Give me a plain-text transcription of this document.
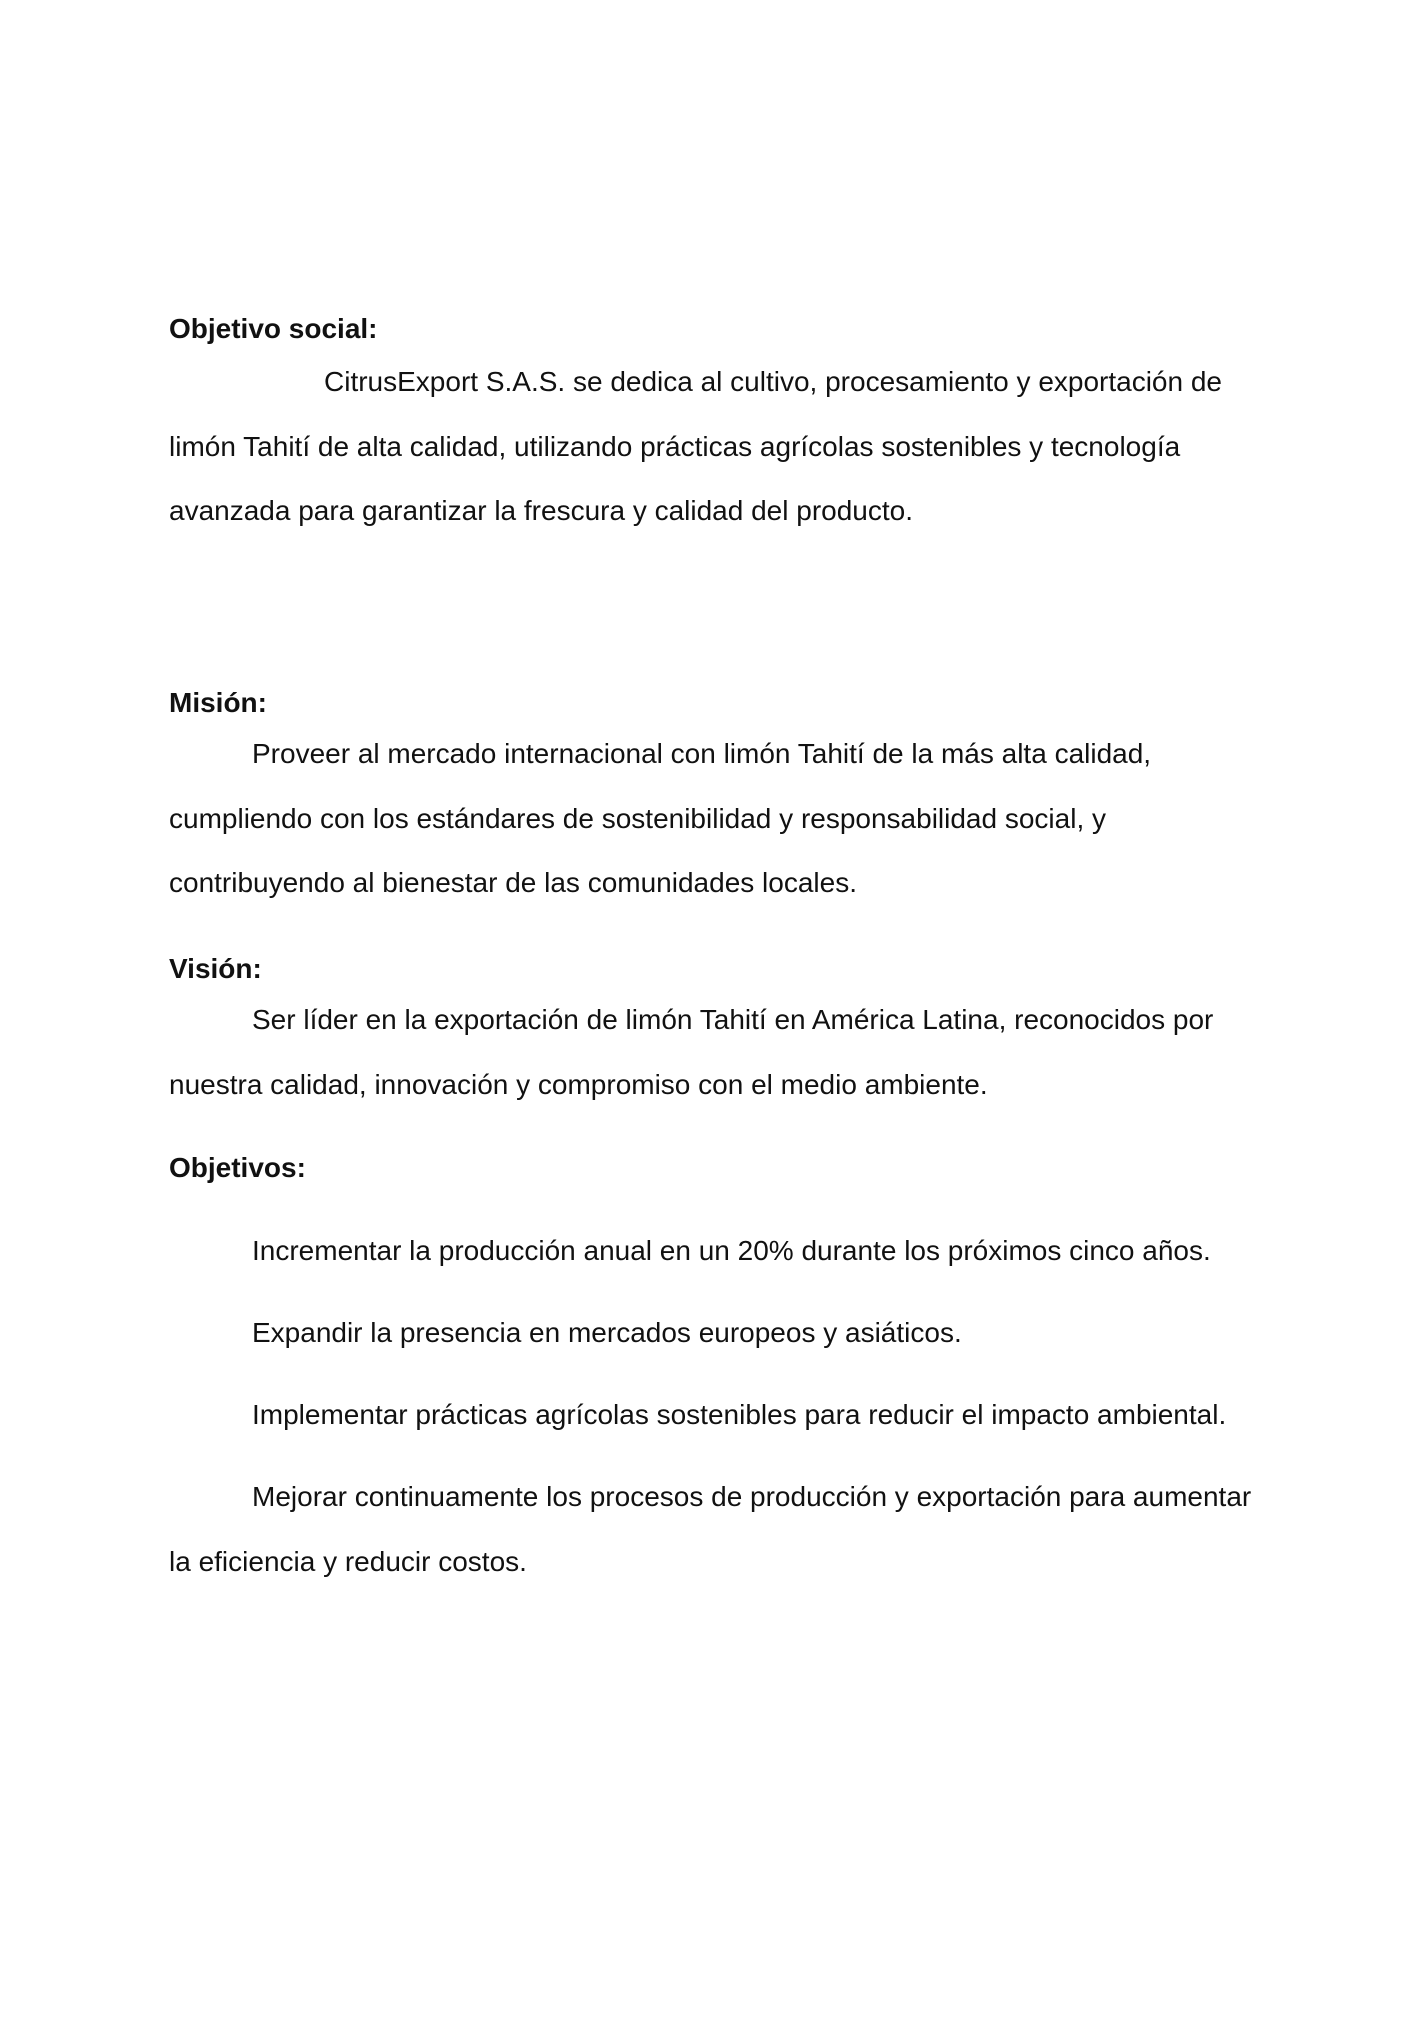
Objetivo social:
CitrusExport S.A.S. se dedica al cultivo, procesamiento y exportación de
limón Tahití de alta calidad, utilizando prácticas agrícolas sostenibles y tecnología
avanzada para garantizar la frescura y calidad del producto.
Misión:
Proveer al mercado internacional con limón Tahití de la más alta calidad,
cumpliendo con los estándares de sostenibilidad y responsabilidad social, y
contribuyendo al bienestar de las comunidades locales.
Visión:
Ser líder en la exportación de limón Tahití en América Latina, reconocidos por
nuestra calidad, innovación y compromiso con el medio ambiente.
Objetivos:

Incrementar la producción anual en un 20% durante los próximos cinco años.

Expandir la presencia en mercados europeos y asiáticos.

Implementar prácticas agrícolas sostenibles para reducir el impacto ambiental.

Mejorar continuamente los procesos de producción y exportación para aumentar
la eficiencia y reducir costos.
